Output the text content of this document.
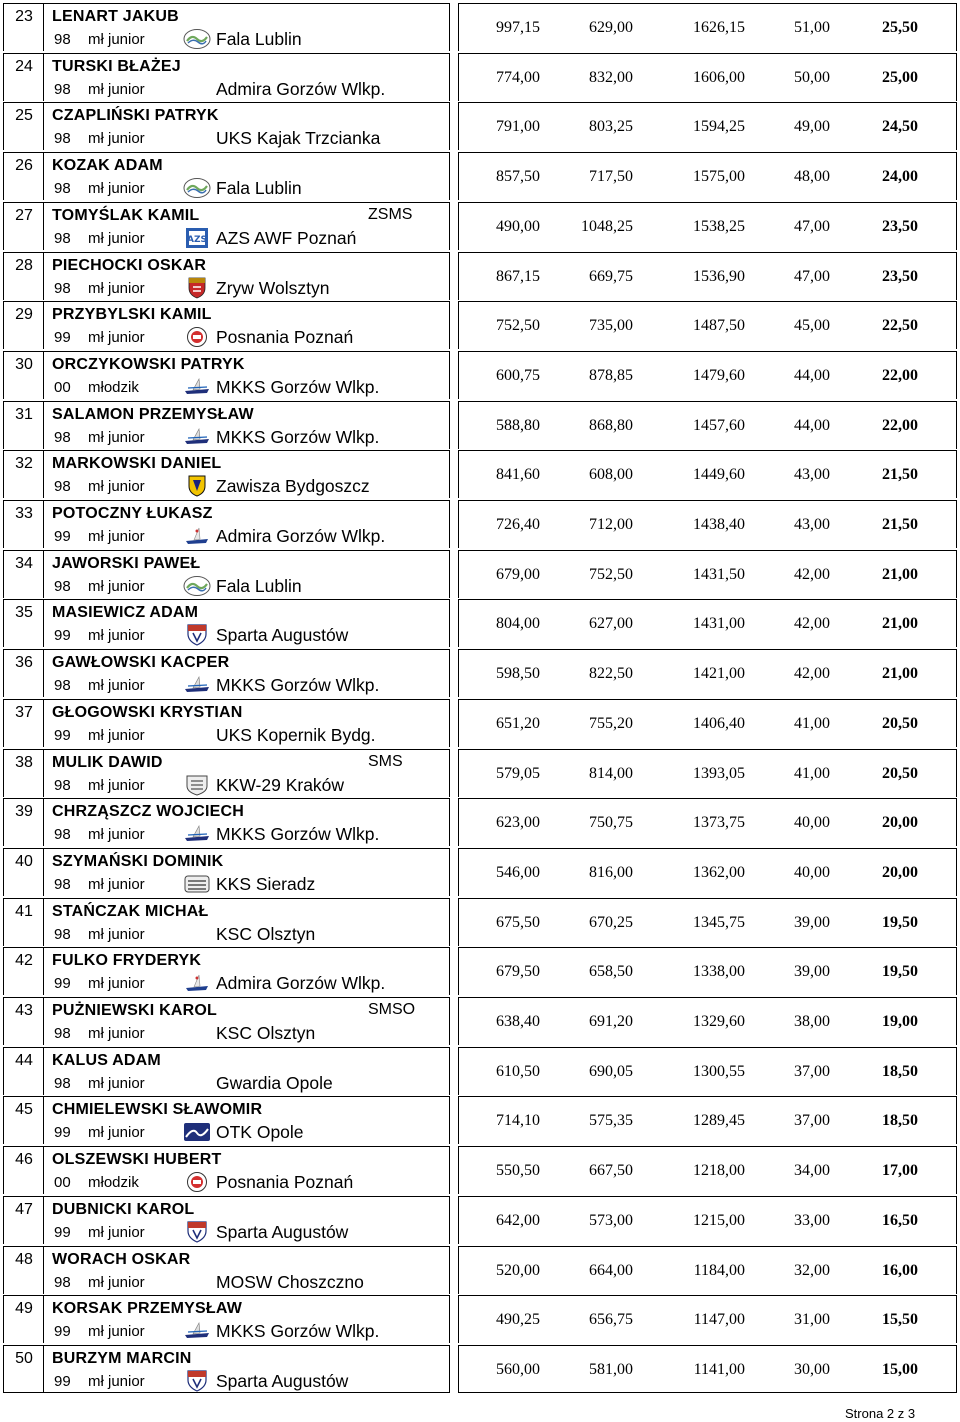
23	LENART JAKUB
98 mł junior	Fala Lublin
997,15	629,00	1626,15	51,00	25,50
24	TURSKI BŁAŻEJ
98 mł junior	Admira Gorzów Wlkp.
774,00	832,00	1606,00	50,00	25,00
25	CZAPLIŃSKI PATRYK
98 mł junior	UKS Kajak Trzcianka
791,00	803,25	1594,25	49,00	24,50
26	KOZAK ADAM
98 mł junior	Fala Lublin
857,50	717,50	1575,00	48,00	24,00
27	TOMYŚLAK KAMIL	ZSMS
98 mł junior	AZS AZS AWF Poznań
490,00	1048,25	1538,25	47,00	23,50
28	PIECHOCKI OSKAR
98 mł junior	Zryw Wolsztyn
867,15	669,75	1536,90	47,00	23,50
29	PRZYBYLSKI KAMIL
99 mł junior	Posnania Poznań
752,50	735,00	1487,50	45,00	22,50
30	ORCZYKOWSKI PATRYK
00 młodzik	MKKS Gorzów Wlkp.
600,75	878,85	1479,60	44,00	22,00
31	SALAMON PRZEMYSŁAW
98 mł junior	MKKS Gorzów Wlkp.
588,80	868,80	1457,60	44,00	22,00
32	MARKOWSKI DANIEL
98 mł junior	Zawisza Bydgoszcz
841,60	608,00	1449,60	43,00	21,50
33	POTOCZNY ŁUKASZ
99 mł junior	Admira Gorzów Wlkp.
726,40	712,00	1438,40	43,00	21,50
34	JAWORSKI PAWEŁ
98 mł junior	Fala Lublin
679,00	752,50	1431,50	42,00	21,00
35	MASIEWICZ ADAM
99 mł junior	Sparta Augustów
804,00	627,00	1431,00	42,00	21,00
36	GAWŁOWSKI KACPER
98 mł junior	MKKS Gorzów Wlkp.
598,50	822,50	1421,00	42,00	21,00
37	GŁOGOWSKI KRYSTIAN
99 mł junior	UKS Kopernik Bydg.
651,20	755,20	1406,40	41,00	20,50
38	MULIK DAWID	SMS
98 mł junior	KKW-29 Kraków
579,05	814,00	1393,05	41,00	20,50
39	CHRZĄSZCZ WOJCIECH
98 mł junior	MKKS Gorzów Wlkp.
623,00	750,75	1373,75	40,00	20,00
40	SZYMAŃSKI DOMINIK
98 mł junior	KKS Sieradz
546,00	816,00	1362,00	40,00	20,00
41	STAŃCZAK MICHAŁ
98 mł junior	KSC Olsztyn
675,50	670,25	1345,75	39,00	19,50
42	FULKO FRYDERYK
99 mł junior	Admira Gorzów Wlkp.
679,50	658,50	1338,00	39,00	19,50
43	PUŻNIEWSKI KAROL	SMSO
98 mł junior	KSC Olsztyn
638,40	691,20	1329,60	38,00	19,00
44	KALUS ADAM
98 mł junior	Gwardia Opole
610,50	690,05	1300,55	37,00	18,50
45	CHMIELEWSKI SŁAWOMIR
99 mł junior	OTK Opole
714,10	575,35	1289,45	37,00	18,50
46	OLSZEWSKI HUBERT
00 młodzik	Posnania Poznań
550,50	667,50	1218,00	34,00	17,00
47	DUBNICKI KAROL
99 mł junior	Sparta Augustów
642,00	573,00	1215,00	33,00	16,50
48	WORACH OSKAR
98 mł junior	MOSW Choszczno
520,00	664,00	1184,00	32,00	16,00
49	KORSAK PRZEMYSŁAW
99 mł junior	MKKS Gorzów Wlkp.
490,25	656,75	1147,00	31,00	15,50
50	BURZYM MARCIN
99 mł junior	Sparta Augustów
560,00	581,00	1141,00	30,00	15,00
Strona 2 z 3
